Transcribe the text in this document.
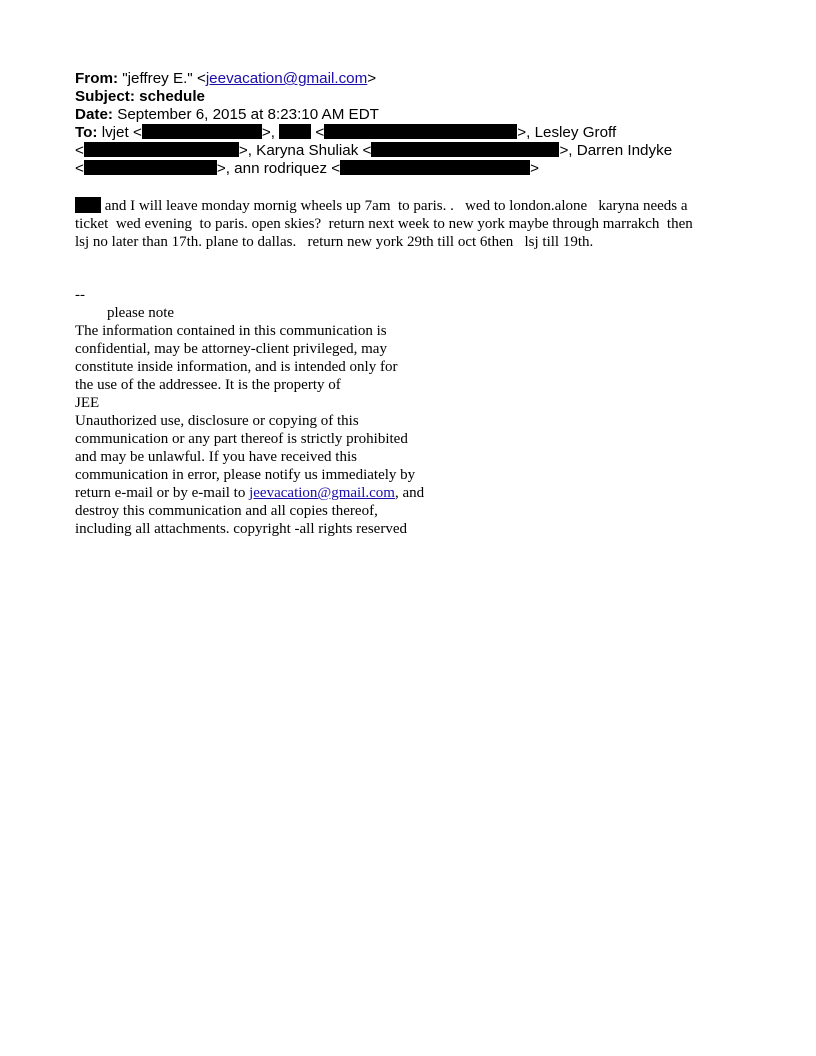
From: "jeffrey E." <jeevacation@gmail.com>
Subject: schedule
Date: September 6, 2015 at 8:23:10 AM EDT
To: lvjet <	>,	<	>, Lesley Groff
<	>, Karyna Shuliak <	>, Darren Indyke
<	>, ann rodriquez <	>
and I will leave monday mornig wheels up 7am  to paris. .   wed to london.alone   karyna needs a
ticket  wed evening  to paris. open skies?  return next week to new york maybe through marrakch  then
lsj no later than 17th. plane to dallas.   return new york 29th till oct 6then   lsj till 19th.
--
please note
The information contained in this communication is
confidential, may be attorney-client privileged, may
constitute inside information, and is intended only for
the use of the addressee. It is the property of
JEE
Unauthorized use, disclosure or copying of this
communication or any part thereof is strictly prohibited
and may be unlawful. If you have received this
communication in error, please notify us immediately by
return e-mail or by e-mail to jeevacation@gmail.com, and
destroy this communication and all copies thereof,
including all attachments. copyright -all rights reserved
